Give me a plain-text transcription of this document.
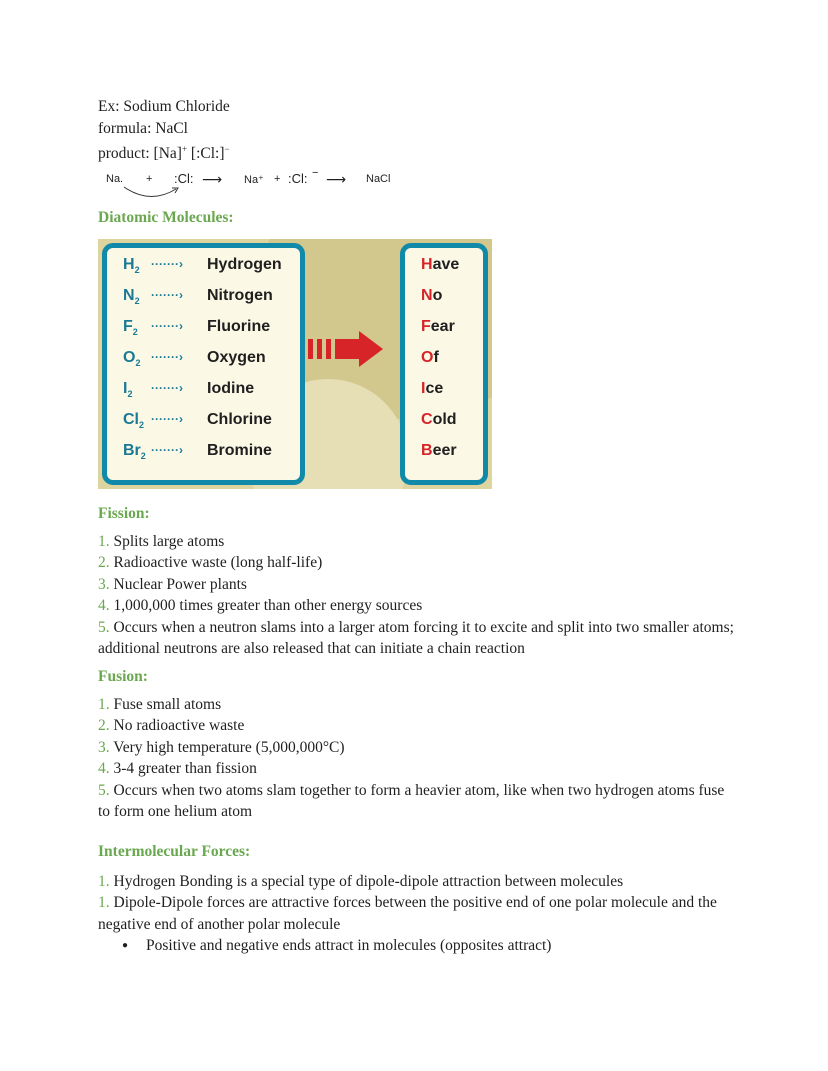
Ex: Sodium Chloride

formula: NaCl

product: [Na]+ [:Cl:]−

Na. + :Cl: ⟶ Na⁺ + :Cl: − ⟶ NaCl

Diatomic Molecules:

$H_2$ ·······› Hydrogen
$N_2$ ·······› Nitrogen
$F_2$ ·······› Fluorine
$O_2$ ·······› Oxygen
$I_2$ ·······› Iodine
$Cl_2$ ·······› Chlorine
$Br_2$ ·······› Bromine
Have
No
Fear
Of
Ice
Cold
Beer

Fission:

1. Splits large atoms

2. Radioactive waste (long half-life)

3. Nuclear Power plants

4. 1,000,000 times greater than other energy sources

5. Occurs when a neutron slams into a larger atom forcing it to excite and split into two smaller atoms; additional neutrons are also released that can initiate a chain reaction

Fusion:

1. Fuse small atoms

2. No radioactive waste

3. Very high temperature (5,000,000°C)

4. 3-4 greater than fission

5. Occurs when two atoms slam together to form a heavier atom, like when two hydrogen atoms fuse to form one helium atom

Intermolecular Forces:

1. Hydrogen Bonding is a special type of dipole-dipole attraction between molecules

1. Dipole-Dipole forces are attractive forces between the positive end of one polar molecule and the negative end of another polar molecule

● Positive and negative ends attract in molecules (opposites attract)
